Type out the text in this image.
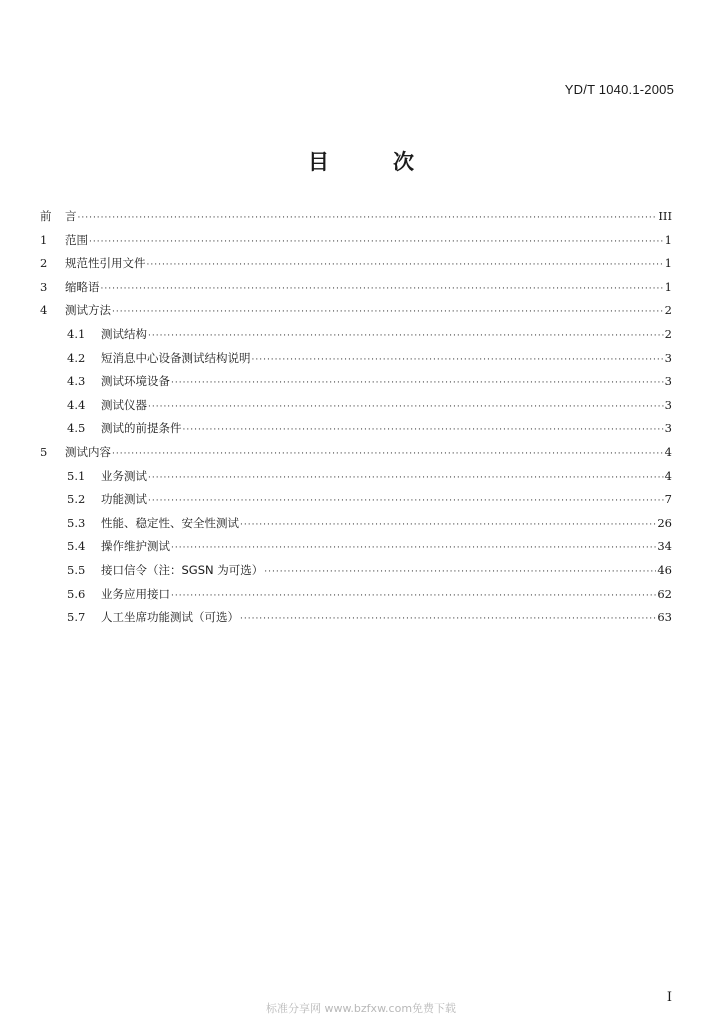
YD/T 1040.1-2005
目	次
前	言 ·····	III
1	范围 ·····	1
2	规范性引用文件 ·····	1
3	缩略语 ·····	1
4	测试方法 ·····	2
4.1	测试结构 ·····	2
4.2	短消息中心设备测试结构说明 ·····	3
4.3	测试环境设备 ·····	3
4.4	测试仪器 ·····	3
4.5	测试的前提条件 ·····	3
5	测试内容 ·····	4
5.1	业务测试 ·····	4
5.2	功能测试 ·····	7
5.3	性能、稳定性、安全性测试 ·····	26
5.4	操作维护测试 ·····	34
5.5	接口信令（注：SGSN 为可选） ·····	46
5.6	业务应用接口 ·····	62
5.7	人工坐席功能测试（可选） ·····	63
I
标准分享网 www.bzfxw.com免费下载
